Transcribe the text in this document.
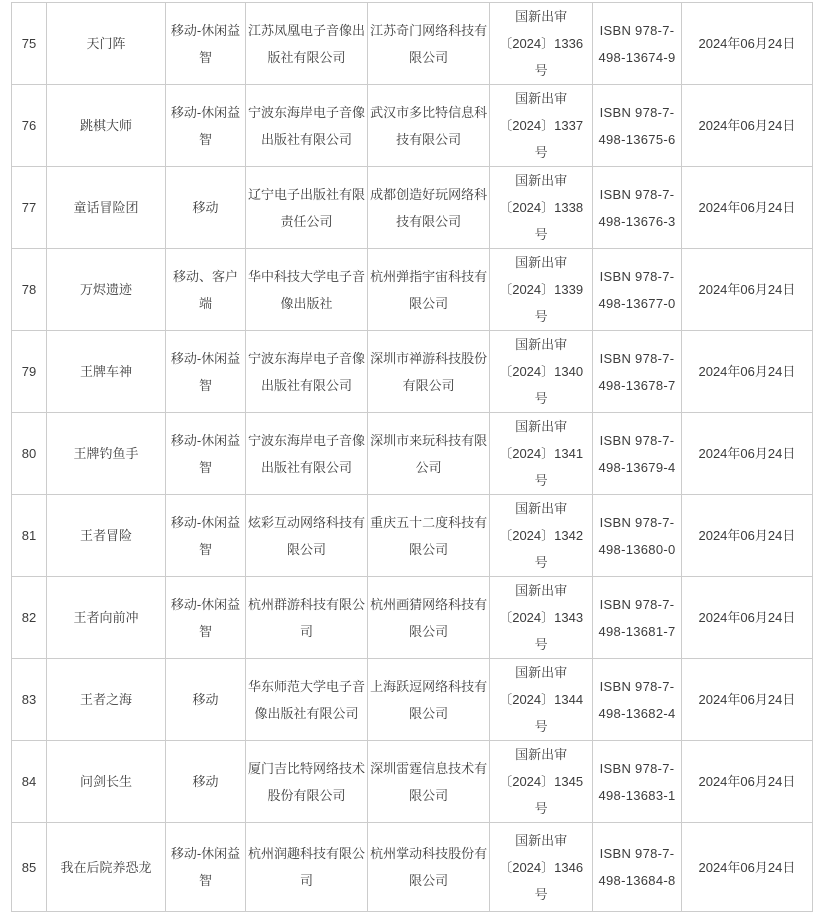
75	天门阵	移动-休闲益智	
江苏凤凰电子音像出
版社有限公司

江苏奇门网络科技有
限公司

国新出审
〔2024〕1336
号

ISBN 978-7-
498-13674-9
	2024年06月24日
76	跳棋大师	移动-休闲益智	
宁波东海岸电子音像
出版社有限公司

武汉市多比特信息科
技有限公司

国新出审
〔2024〕1337
号

ISBN 978-7-
498-13675-6
	2024年06月24日
77	童话冒险团	移动	
辽宁电子出版社有限
责任公司

成都创造好玩网络科
技有限公司

国新出审
〔2024〕1338
号

ISBN 978-7-
498-13676-3
	2024年06月24日
78	万烬遗迹	移动、客户端	
华中科技大学电子音
像出版社

杭州弹指宇宙科技有
限公司

国新出审
〔2024〕1339
号

ISBN 978-7-
498-13677-0
	2024年06月24日
79	王牌车神	移动-休闲益智	
宁波东海岸电子音像
出版社有限公司

深圳市禅游科技股份
有限公司

国新出审
〔2024〕1340
号

ISBN 978-7-
498-13678-7
	2024年06月24日
80	王牌钓鱼手	移动-休闲益智	
宁波东海岸电子音像
出版社有限公司

深圳市来玩科技有限
公司

国新出审
〔2024〕1341
号

ISBN 978-7-
498-13679-4
	2024年06月24日
81	王者冒险	移动-休闲益智	
炫彩互动网络科技有
限公司

重庆五十二度科技有
限公司

国新出审
〔2024〕1342
号

ISBN 978-7-
498-13680-0
	2024年06月24日
82	王者向前冲	移动-休闲益智	
杭州群游科技有限公
司

杭州画猜网络科技有
限公司

国新出审
〔2024〕1343
号

ISBN 978-7-
498-13681-7
	2024年06月24日
83	王者之海	移动	
华东师范大学电子音
像出版社有限公司

上海跃逗网络科技有
限公司

国新出审
〔2024〕1344
号

ISBN 978-7-
498-13682-4
	2024年06月24日
84	问剑长生	移动	
厦门吉比特网络技术
股份有限公司

深圳雷霆信息技术有
限公司

国新出审
〔2024〕1345
号

ISBN 978-7-
498-13683-1
	2024年06月24日
85	我在后院养恐龙	移动-休闲益智	
杭州润趣科技有限公
司

杭州掌动科技股份有
限公司

国新出审
〔2024〕1346
号

ISBN 978-7-
498-13684-8
	2024年06月24日
